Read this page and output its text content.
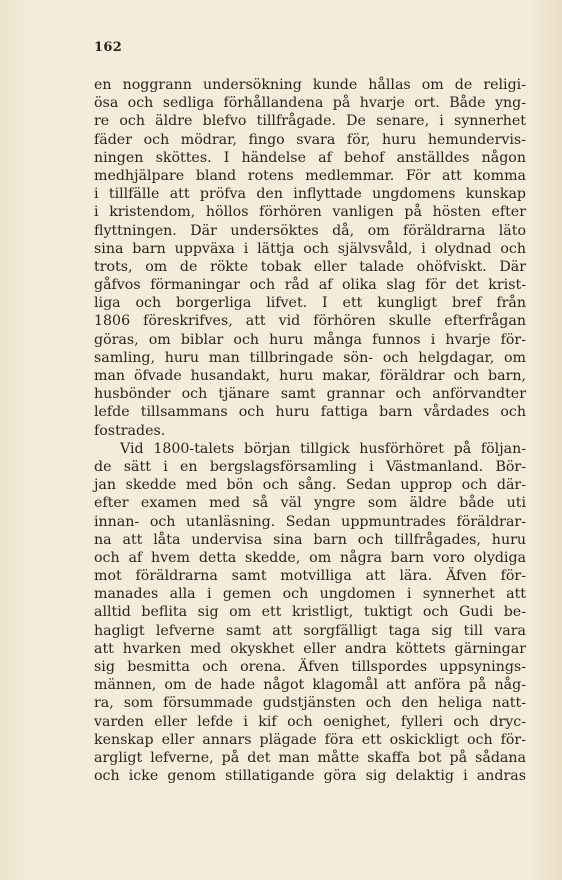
162
en noggrann undersökning kunde hållas om de religi-
ösa och sedliga förhållandena på hvarje ort. Både yng-
re och äldre blefvo tillfrågade. De senare, i synnerhet
fäder och mödrar, fingo svara för, huru hemundervis-
ningen sköttes. I händelse af behof anställdes någon
medhjälpare bland rotens medlemmar. För att komma
i tillfälle att pröfva den inflyttade ungdomens kunskap
i kristendom, höllos förhören vanligen på hösten efter
flyttningen. Där undersöktes då, om föräldrarna läto
sina barn uppväxa i lättja och självsvåld, i olydnad och
trots, om de rökte tobak eller talade ohöfviskt. Där
gåfvos förmaningar och råd af olika slag för det krist-
liga och borgerliga lifvet. I ett kungligt bref från
1806 föreskrifves, att vid förhören skulle efterfrågan
göras, om biblar och huru många funnos i hvarje för-
samling, huru man tillbringade sön- och helgdagar, om
man öfvade husandakt, huru makar, föräldrar och barn,
husbönder och tjänare samt grannar och anförvandter
lefde tillsammans och huru fattiga barn vårdades och
fostrades.
Vid 1800-talets början tillgick husförhöret på följan-
de sätt i en bergslagsförsamling i Västmanland. Bör-
jan skedde med bön och sång. Sedan upprop och där-
efter examen med så väl yngre som äldre både uti
innan- och utanläsning. Sedan uppmuntrades föräldrar-
na att låta undervisa sina barn och tillfrågades, huru
och af hvem detta skedde, om några barn voro olydiga
mot föräldrarna samt motvilliga att lära. Äfven för-
manades alla i gemen och ungdomen i synnerhet att
alltid beflita sig om ett kristligt, tuktigt och Gudi be-
hagligt lefverne samt att sorgfälligt taga sig till vara
att hvarken med okyskhet eller andra köttets gärningar
sig besmitta och orena. Äfven tillspordes uppsynings-
männen, om de hade något klagomål att anföra på någ-
ra, som försummade gudstjänsten och den heliga natt-
varden eller lefde i kif och oenighet, fylleri och dryc-
kenskap eller annars plägade föra ett oskickligt och för-
argligt lefverne, på det man måtte skaffa bot på sådana
och icke genom stillatigande göra sig delaktig i andras
